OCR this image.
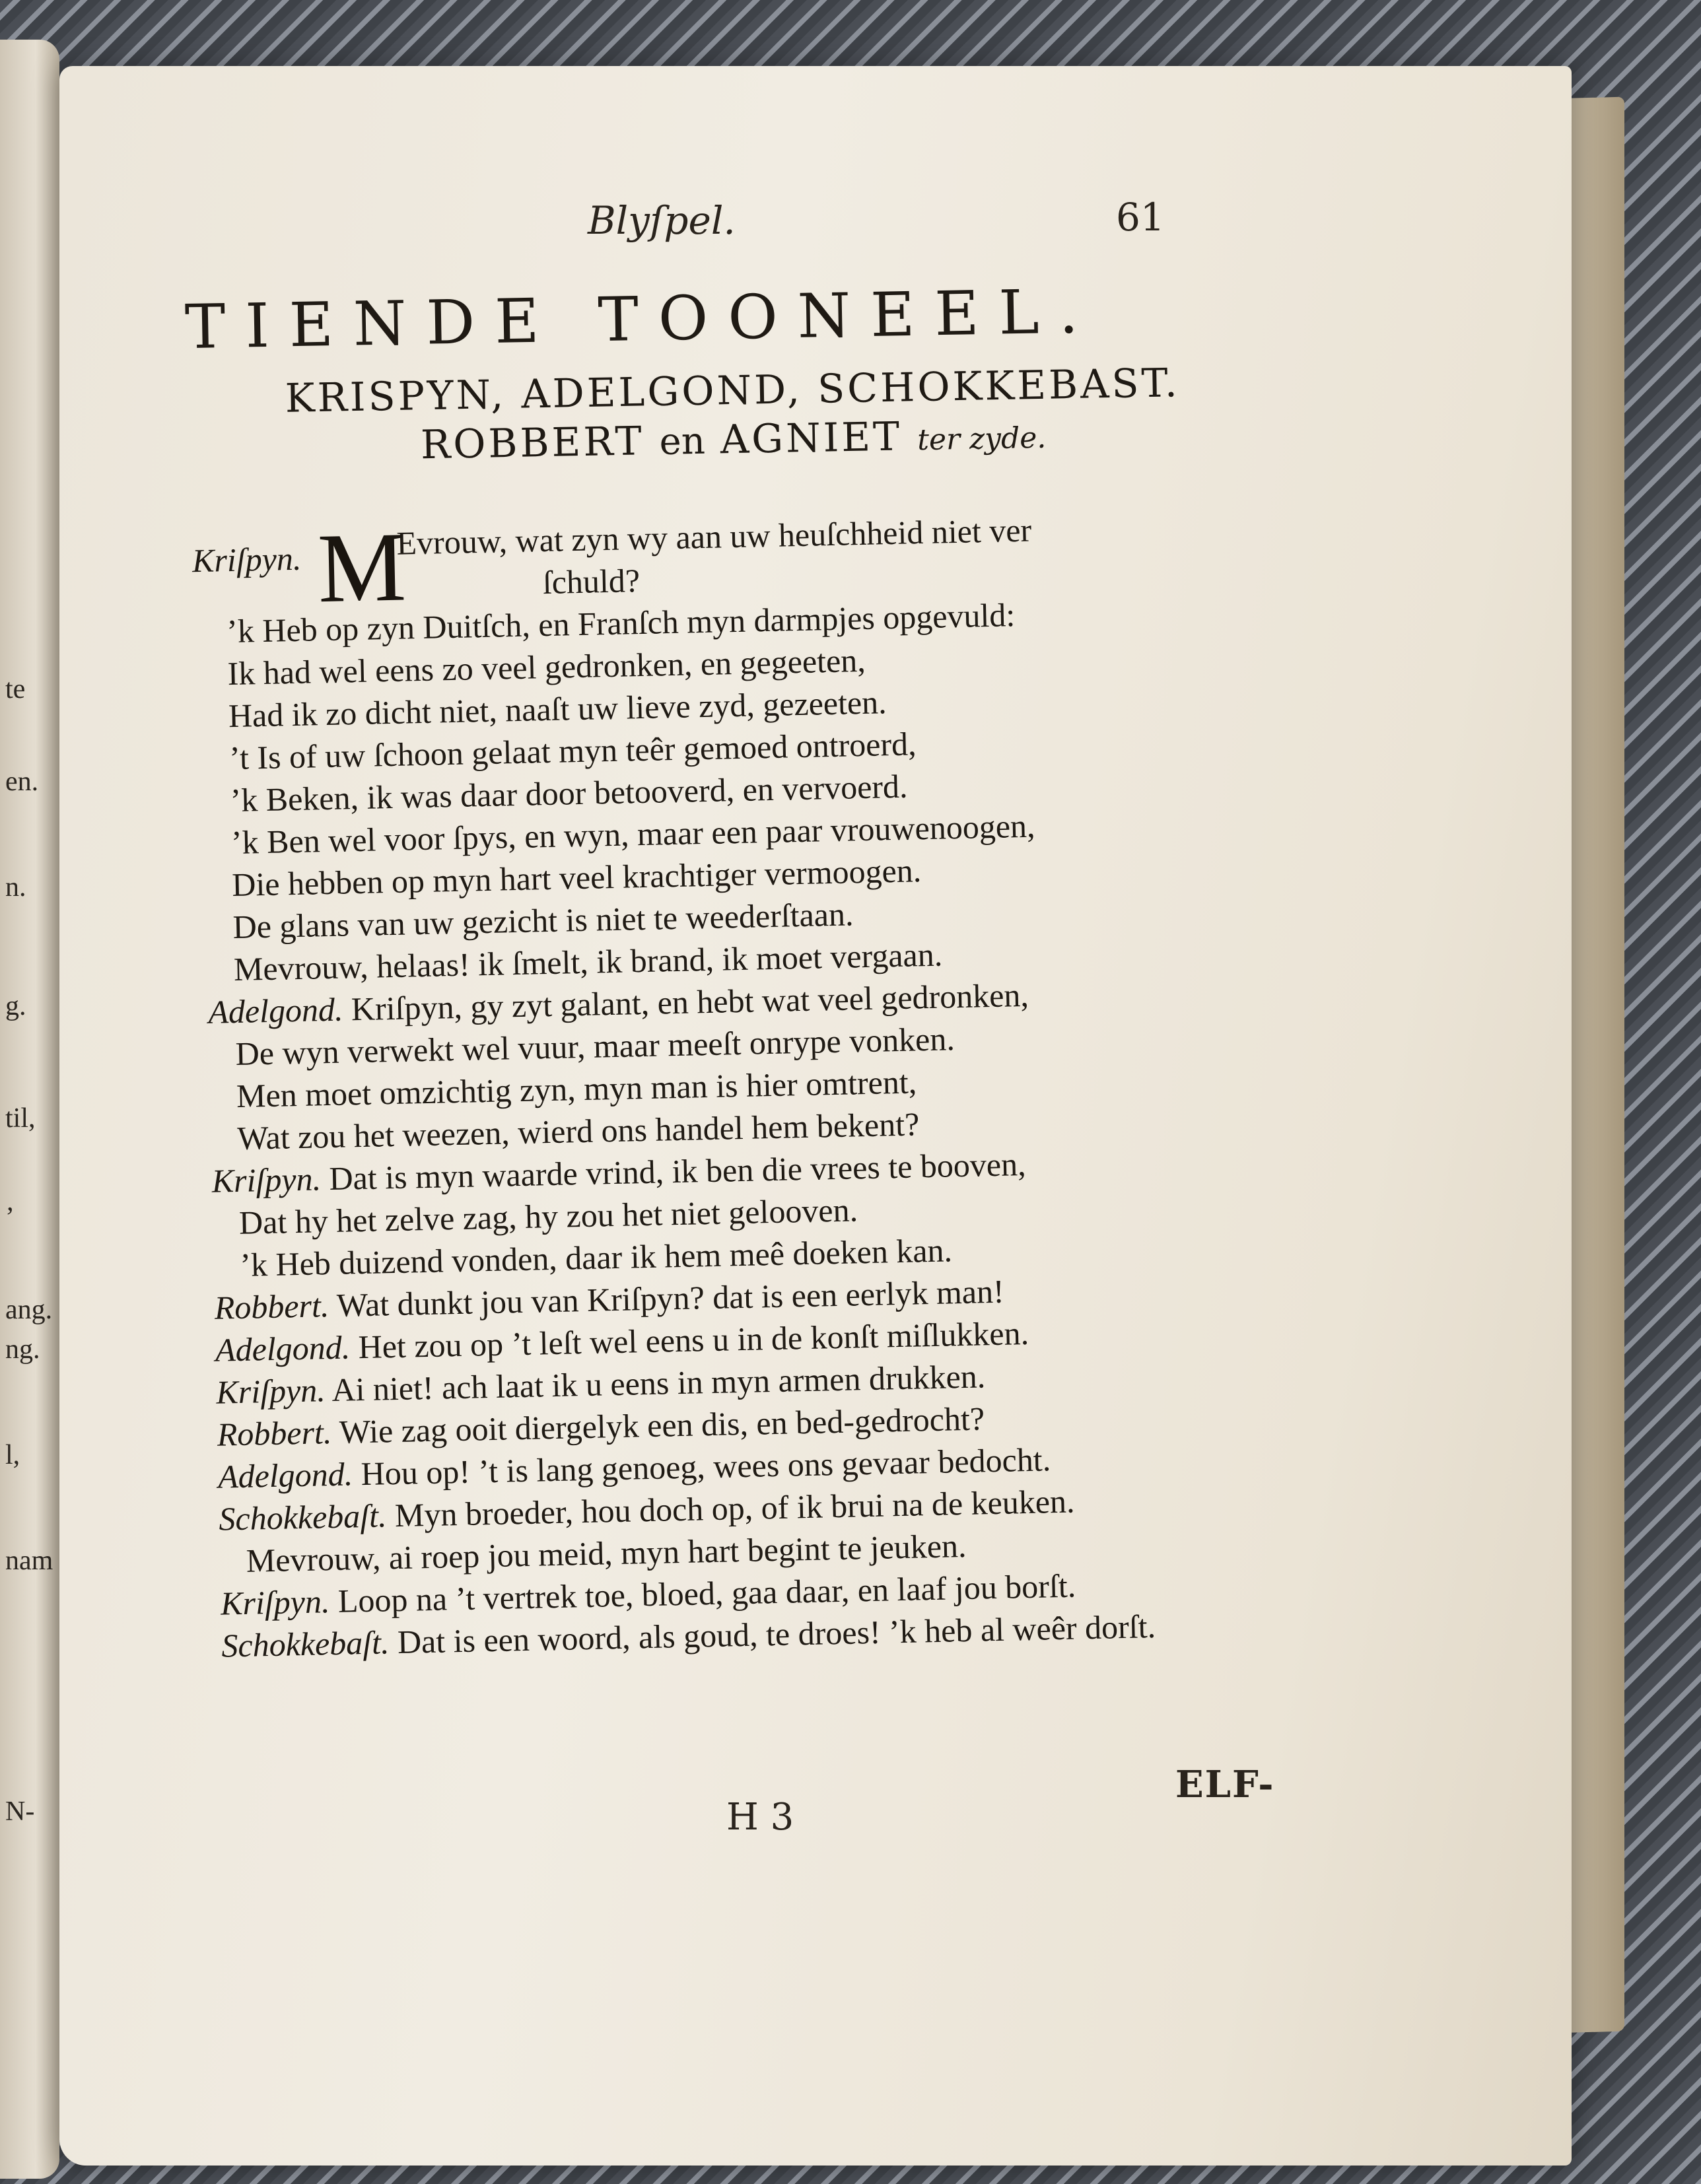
te
en.
n.
g.
til,
’
ang.
ng.
l,
nam
N-
Blyſpel.	61
TIENDE TOONEEL.
KRISPYN, ADELGOND, SCHOKKEBAST.
ROBBERT en AGNIET ter zyde.
Kriſpyn. M
Evrouw, wat zyn wy aan uw heuſchheid niet ver
ſchuld?
’k Heb op zyn Duitſch, en Franſch myn darmpjes opgevuld:
Ik had wel eens zo veel gedronken, en gegeeten,
Had ik zo dicht niet, naaſt uw lieve zyd, gezeeten.
’t Is of uw ſchoon gelaat myn teêr gemoed ontroerd,
’k Beken, ik was daar door betooverd, en vervoerd.
’k Ben wel voor ſpys, en wyn, maar een paar vrouwenoogen,
Die hebben op myn hart veel krachtiger vermoogen.
De glans van uw gezicht is niet te weederſtaan.
Mevrouw, helaas! ik ſmelt, ik brand, ik moet vergaan.
Adelgond. Kriſpyn, gy zyt galant, en hebt wat veel gedronken,
De wyn verwekt wel vuur, maar meeſt onrype vonken.
Men moet omzichtig zyn, myn man is hier omtrent,
Wat zou het weezen, wierd ons handel hem bekent?
Kriſpyn. Dat is myn waarde vrind, ik ben die vrees te booven,
Dat hy het zelve zag, hy zou het niet gelooven.
’k Heb duizend vonden, daar ik hem meê doeken kan.
Robbert. Wat dunkt jou van Kriſpyn? dat is een eerlyk man!
Adelgond. Het zou op ’t leſt wel eens u in de konſt miſlukken.
Kriſpyn. Ai niet! ach laat ik u eens in myn armen drukken.
Robbert. Wie zag ooit diergelyk een dis, en bed-gedrocht?
Adelgond. Hou op! ’t is lang genoeg, wees ons gevaar bedocht.
Schokkebaſt. Myn broeder, hou doch op, of ik brui na de keuken.
Mevrouw, ai roep jou meid, myn hart begint te jeuken.
Kriſpyn. Loop na ’t vertrek toe, bloed, gaa daar, en laaf jou borſt.
Schokkebaſt. Dat is een woord, als goud, te droes! ’k heb al weêr dorſt.
H 3
ELF-
